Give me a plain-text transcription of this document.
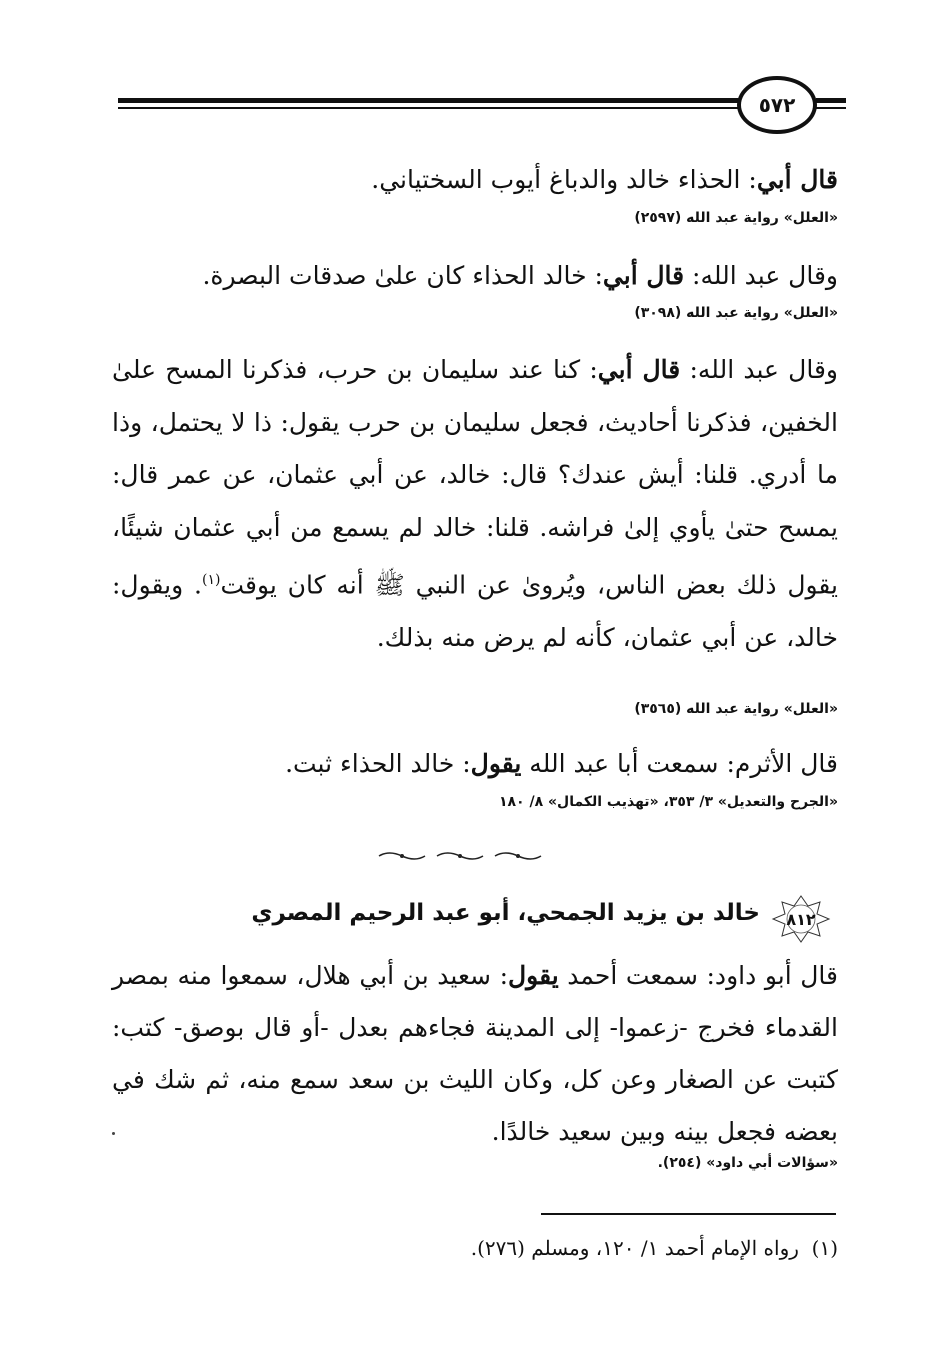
٥٧٢
قال أبي: الحذاء خالد والدباغ أيوب السختياني.
«العلل» رواية عبد الله (٢٥٩٧)
وقال عبد الله: قال أبي: خالد الحذاء كان علىٰ صدقات البصرة.
«العلل» رواية عبد الله (٣٠٩٨)
وقال عبد الله: قال أبي: كنا عند سليمان بن حرب، فذكرنا المسح علىٰ الخفين، فذكرنا أحاديث، فجعل سليمان بن حرب يقول: ذا لا يحتمل، وذا ما أدري. قلنا: أيش عندك؟ قال: خالد، عن أبي عثمان، عن عمر قال: يمسح حتىٰ يأوي إلىٰ فراشه. قلنا: خالد لم يسمع من أبي عثمان شيئًا، يقول ذلك بعض الناس، ويُروىٰ عن النبي ﷺ أنه كان يوقت$^{(١)}$. ويقول: خالد، عن أبي عثمان، كأنه لم يرض منه بذلك.
«العلل» رواية عبد الله (٣٥٦٥)
قال الأثرم: سمعت أبا عبد الله يقول: خالد الحذاء ثبت.
«الجرح والتعديل» ٣/ ٣٥٣، «تهذيب الكمال» ٨/ ١٨٠
٨١٢
خالد بن يزيد الجمحي، أبو عبد الرحيم المصري
قال أبو داود: سمعت أحمد يقول: سعيد بن أبي هلال، سمعوا منه بمصر القدماء فخرج -زعموا- إلى المدينة فجاءهم بعدل -أو قال بوصق- كتب: كتبت عن الصغار وعن كل، وكان الليث بن سعد سمع منه، ثم شك في بعضه فجعل بينه وبين سعيد خالدًا.
«سؤالات أبي داود» (٢٥٤).
(١)  رواه الإمام أحمد ١/ ١٢٠، ومسلم (٢٧٦).
